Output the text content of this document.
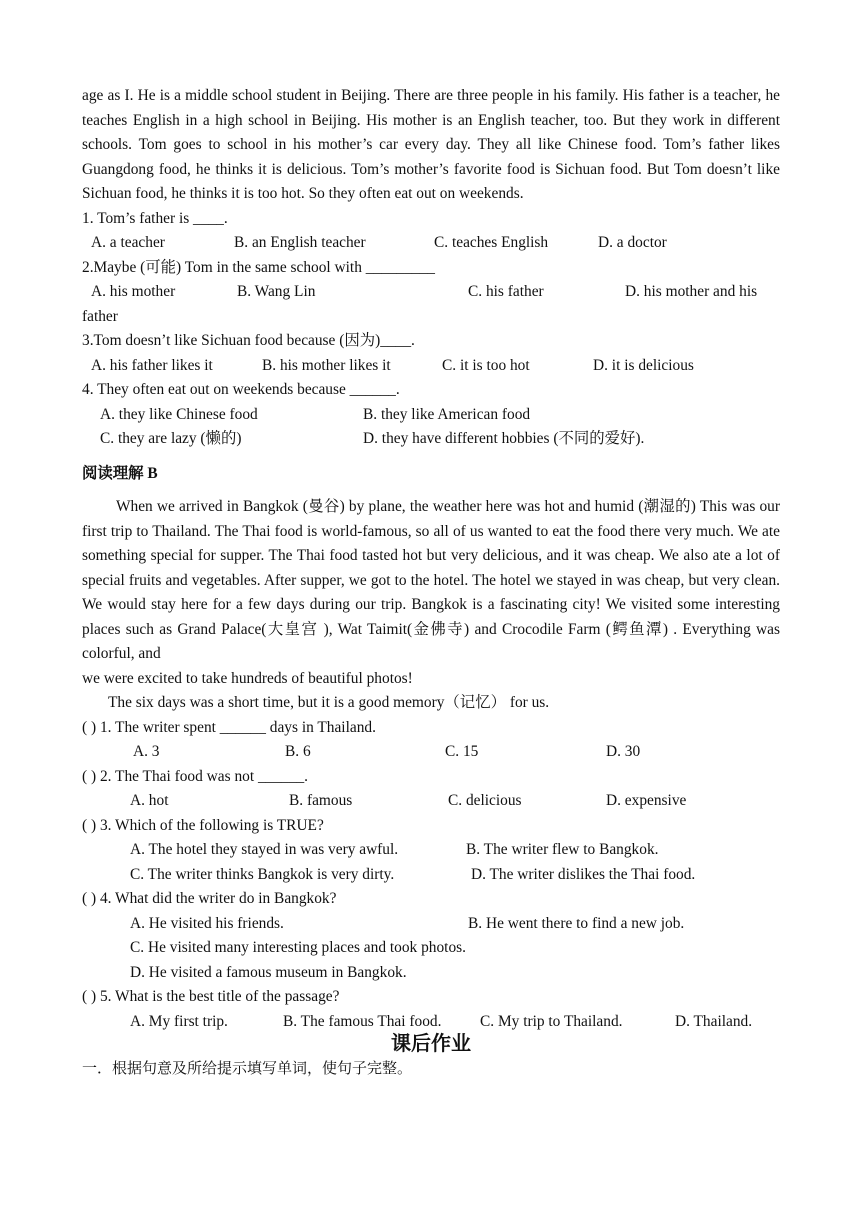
age as I. He is a middle school student in Beijing. There are three people in his family. His father is a teacher, he teaches English in a high school in Beijing. His mother is an English teacher, too. But they work in different schools. Tom goes to school in his mother’s car every day. They all like Chinese food. Tom’s father likes Guangdong food, he thinks it is delicious. Tom’s mother’s favorite food is Sichuan food. But Tom doesn’t like Sichuan food, he thinks it is too hot. So they often eat out on weekends.

1. Tom’s father is ____.
A. a teacher	B. an English teacher	C. teaches English	D. a doctor
2.Maybe (可能) Tom in the same school with _________
A. his mother	B. Wang Lin	C. his father	D. his mother and his
father
3.Tom doesn’t like Sichuan food because (因为)____.
A. his father likes it	B. his mother likes it	C. it is too hot	D. it is delicious
4. They often eat out on weekends because ______.
A. they like Chinese food	B. they like American food
C. they are lazy (懒的)	D. they have different hobbies (不同的爱好).
阅读理解 B

When we arrived in Bangkok (曼谷) by plane, the weather here was hot and humid (潮湿的) This was our first trip to Thailand. The Thai food is world-famous, so all of us wanted to eat the food there very much. We ate something special for supper. The Thai food tasted hot but very delicious, and it was cheap. We also ate a lot of special fruits and vegetables. After supper, we got to the hotel. The hotel we stayed in was cheap, but very clean. We would stay here for a few days during our trip. Bangkok is a fascinating city! We visited some interesting places such as Grand Palace(大皇宫 ), Wat Taimit(金佛寺) and Crocodile Farm (鳄鱼潭) . Everything was colorful, and

we were excited to take hundreds of beautiful photos!
The six days was a short time, but it is a good memory（记忆） for us.
( ) 1. The writer spent ______ days in Thailand.
A. 3	B. 6	C. 15	D. 30
( ) 2. The Thai food was not ______.
A. hot	B. famous	C. delicious	D. expensive
( ) 3. Which of the following is TRUE?
A. The hotel they stayed in was very awful.	B. The writer flew to Bangkok.
C. The writer thinks Bangkok is very dirty.	D. The writer dislikes the Thai food.
( ) 4. What did the writer do in Bangkok?
A. He visited his friends.	B. He went there to find a new job.
C. He visited many interesting places and took photos.
D. He visited a famous museum in Bangkok.
( ) 5. What is the best title of the passage?
A. My first trip.	B. The famous Thai food.	C. My trip to Thailand.	D. Thailand.
课后作业
一．根据句意及所给提示填写单词，使句子完整。
